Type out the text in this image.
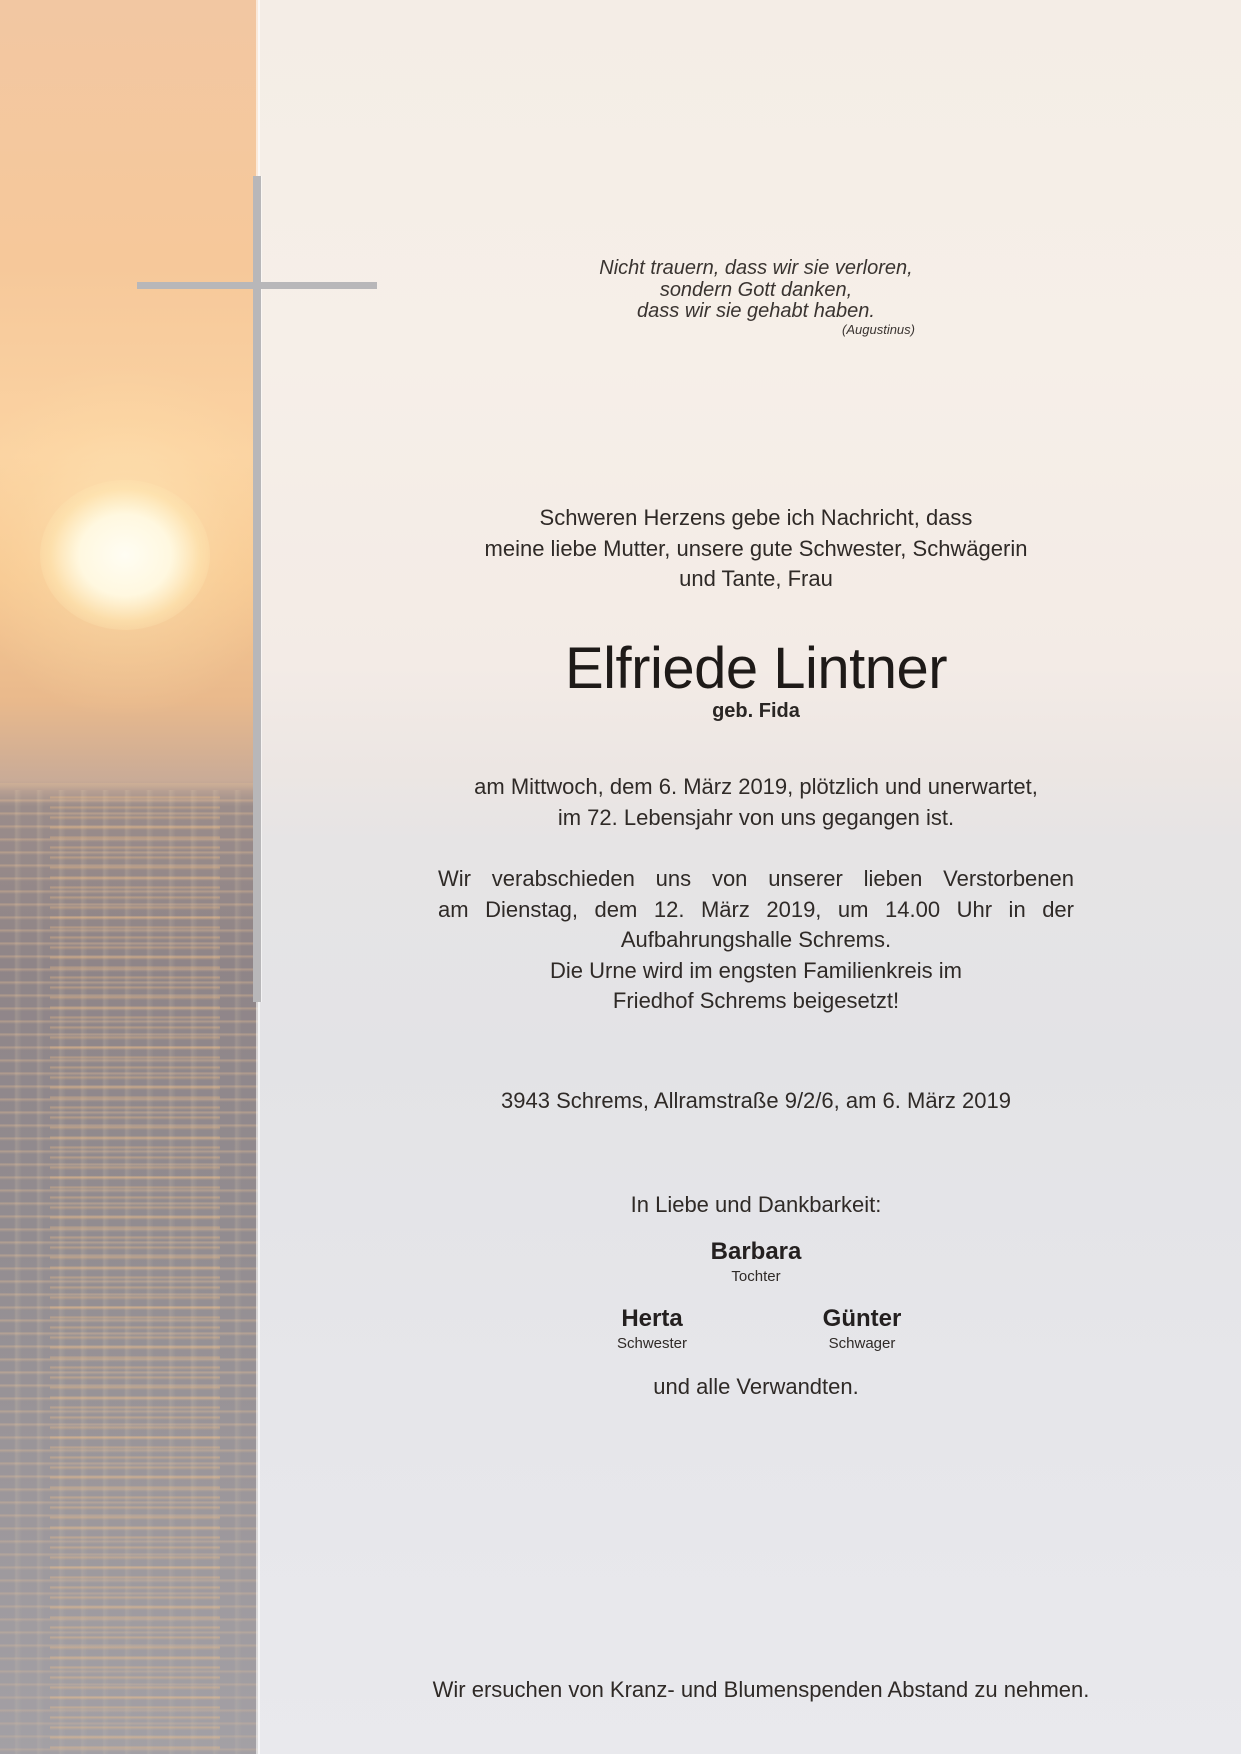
Nicht trauern, dass wir sie verloren,
sondern Gott danken,
dass wir sie gehabt haben.
(Augustinus)
Schweren Herzens gebe ich Nachricht, dass
meine liebe Mutter, unsere gute Schwester, Schwägerin
und Tante, Frau
Elfriede Lintner
geb. Fida
am Mittwoch, dem 6. März 2019, plötzlich und unerwartet,
im 72. Lebensjahr von uns gegangen ist.
Wir verabschieden uns von unserer lieben Verstorbenen
am Dienstag, dem 12. März 2019, um 14.00 Uhr in der
Aufbahrungshalle Schrems.
Die Urne wird im engsten Familienkreis im
Friedhof Schrems beigesetzt!
3943 Schrems, Allramstraße 9/2/6, am 6. März 2019
In Liebe und Dankbarkeit:
Barbara
Tochter
Herta
Schwester
Günter
Schwager
und alle Verwandten.
Wir ersuchen von Kranz- und Blumenspenden Abstand zu nehmen.
